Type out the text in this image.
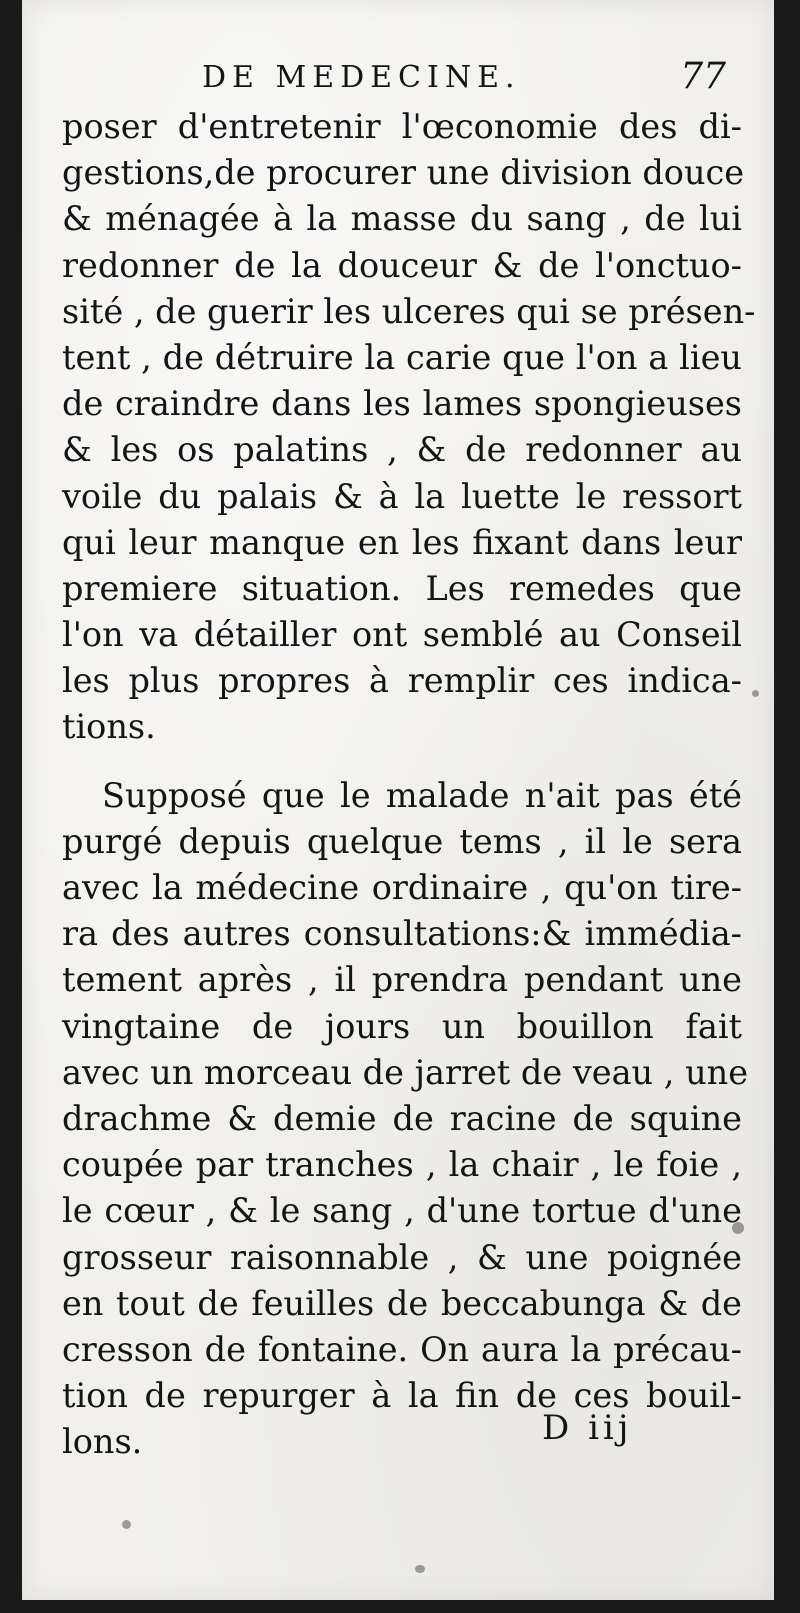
DE MEDECINE.	77
poser d'entretenir l'œconomie des di-
gestions,de procurer une division douce
& ménagée à la masse du sang , de lui
redonner de la douceur & de l'onctuo-
sité , de guerir les ulceres qui se présen-
tent , de détruire la carie que l'on a lieu
de craindre dans les lames spongieuses
& les os palatins , & de redonner au
voile du palais & à la luette le ressort
qui leur manque en les fixant dans leur
premiere situation. Les remedes que
l'on va détailler ont semblé au Conseil
les plus propres à remplir ces indica-
tions.
Supposé que le malade n'ait pas été
purgé depuis quelque tems , il le sera
avec la médecine ordinaire , qu'on tire-
ra des autres consultations:& immédia-
tement après , il prendra pendant une
vingtaine de jours un bouillon fait
avec un morceau de jarret de veau , une
drachme & demie de racine de squine
coupée par tranches , la chair , le foie ,
le cœur , & le sang , d'une tortue d'une
grosseur raisonnable , & une poignée
en tout de feuilles de beccabunga & de
cresson de fontaine. On aura la précau-
tion de repurger à la fin de ces bouil-
lons.	D iij
